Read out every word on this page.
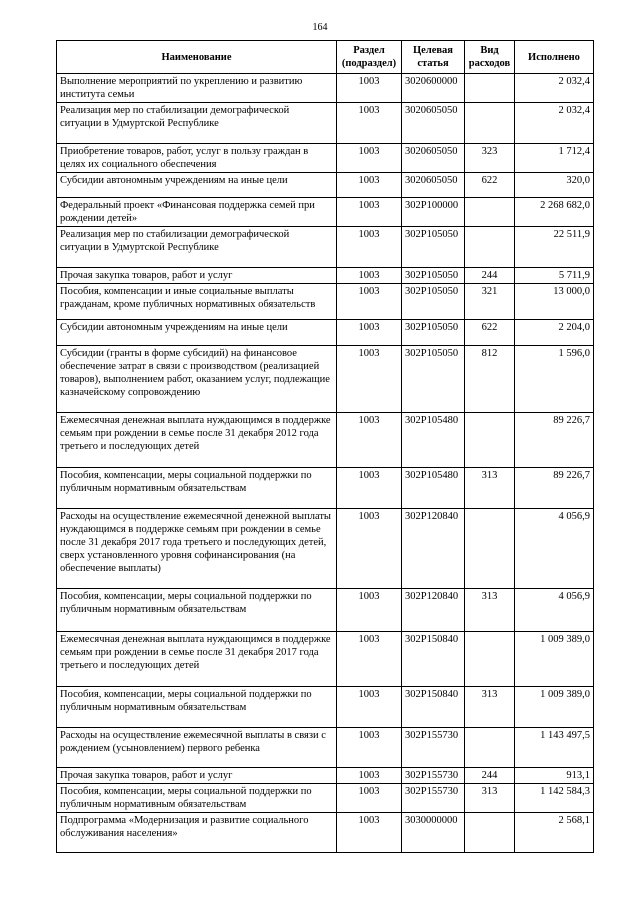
164
Наименование	Раздел (подраздел)	Целевая статья	Вид расходов	Исполнено
Выполнение мероприятий по укреплению и развитию института семьи	1003	3020600000		2 032,4
Реализация мер по стабилизации демографической ситуации в Удмуртской Республике	1003	3020605050		2 032,4
Приобретение товаров, работ, услуг в пользу граждан в целях их социального обеспечения	1003	3020605050	323	1 712,4
Субсидии автономным учреждениям на иные цели	1003	3020605050	622	320,0
Федеральный проект «Финансовая поддержка семей при рождении детей»	1003	302P100000		2 268 682,0
Реализация мер по стабилизации демографической ситуации в Удмуртской Республике	1003	302P105050		22 511,9
Прочая закупка товаров, работ и услуг	1003	302P105050	244	5 711,9
Пособия, компенсации и иные социальные выплаты гражданам, кроме публичных нормативных обязательств	1003	302P105050	321	13 000,0
Субсидии автономным учреждениям на иные цели	1003	302P105050	622	2 204,0
Субсидии (гранты в форме субсидий) на финансовое обеспечение затрат в связи с производством (реализацией товаров), выполнением работ, оказанием услуг, подлежащие казначейскому сопровождению	1003	302P105050	812	1 596,0
Ежемесячная денежная выплата нуждающимся в поддержке семьям при рождении в семье после 31 декабря 2012 года третьего и последующих детей	1003	302P105480		89 226,7
Пособия, компенсации, меры социальной поддержки по публичным нормативным обязательствам	1003	302P105480	313	89 226,7
Расходы на осуществление ежемесячной денежной выплаты нуждающимся в поддержке семьям при рождении в семье после 31 декабря 2017 года третьего и последующих детей, сверх установленного уровня софинансирования (на обеспечение выплаты)	1003	302P120840		4 056,9
Пособия, компенсации, меры социальной поддержки по публичным нормативным обязательствам	1003	302P120840	313	4 056,9
Ежемесячная денежная выплата нуждающимся в поддержке семьям при рождении в семье после 31 декабря 2017 года третьего и последующих детей	1003	302P150840		1 009 389,0
Пособия, компенсации, меры социальной поддержки по публичным нормативным обязательствам	1003	302P150840	313	1 009 389,0
Расходы на осуществление ежемесячной выплаты в связи с рождением (усыновлением) первого ребенка	1003	302P155730		1 143 497,5
Прочая закупка товаров, работ и услуг	1003	302P155730	244	913,1
Пособия, компенсации, меры социальной поддержки по публичным нормативным обязательствам	1003	302P155730	313	1 142 584,3
Подпрограмма «Модернизация и развитие социального обслуживания населения»	1003	3030000000		2 568,1
